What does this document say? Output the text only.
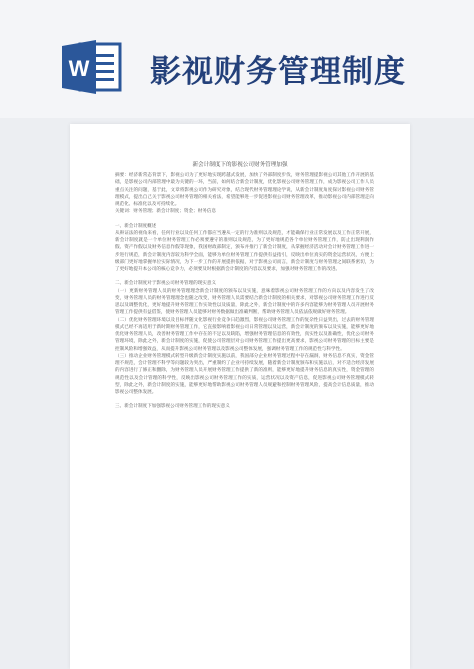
W 影视财务管理制度
新会计制度下的影视公司财务管理加强

摘要：经济新常态背景下，影视公司为了更好地实现跨越式发展，加快了外部制度步伐，财务管理提影视公司其他工作开展的基础，是影视公司内部管理中最为关键的一环，当前，如何结合新会计制度，优化影视公司财务管理工作，成为影视公司工作人员重点关注的问题，基于此，文章将影视公司作为研究对象，结合现代财务管理理论学说，从新会计制度角度探讨影视公司财务管理模式，提出自己关于影视公司财务管理的相关看法，希望能够进一步促进影视公司财务管理改革，推动影视公司内部管理走向规范化、标准化以及可持续化。

关键词：财务管理；新会计制度；资金；财务信息

一、新会计制度概述

从辩证法的视角来看，任何行业以及任何工作都应当遵从一定的行为准则以及规范，才能确保行业正常发展以及工作正常开展，新会计制度就是一个单位财务管理工作必须要遵守的准则以及规范，为了更好地规范各个单位财务管理工作，防止出现利润作假、资产作假以及财务信息作假等现象，我国财政部制定，颁布并推行了新会计制度，从掌握经济活动对会计财务管理工作进一步进行规范，新会计制度内容较为科学全面，能够为单位财务管理工作提供有益指引，反映出单位真实的资金运营状况，方便上级部门更好地掌握单位实际情况，为下一步工作的开展提供依据，对于影视公司而言，新会计制度与财务管理之间联系密切，为了更好地提升本公司的核心竞争力，必须要及时根据新会计制度的内容以及要求，加强对财务管理工作的改进。

二、新会计制度对于影视公司财务管理的现实意义

（一）更新财务管理人员的财务管理理念新会计制度的颁布以及实施，意味着影视公司财务管理工作的方向以及内容发生了改变，财务管理人员的财务管理理念也随之改变，财务管理人员需要结合新会计制度的相关要求，对影视公司财务管理工作进行反思以及调整优化，更好地提升财务管理工作实效性以及质量，除此之外，新会计制度中的许多内容能够为财务管理人员开展财务管理工作提供有益借鉴，使财务管理人员能够对财务数据做出准确判断，帮助财务管理人员依法依规做好财务管理。

（二）优化财务管理环境以及目标伴随文化影视行业竞争日趋激烈，影视公司财务管理工作的复杂性日益突出，过去的财务管理模式已经不再适用于新时期财务管理工作，它直接影响着影视公司日常管理以及运营，新会计制度的颁布以及实施，能够更好地优化财务管理人员，改善财务管理工作中存在的不足以及缺陷，增强财务管理信息的有效性，真实性以及准确性，优化公司财务管理环境，除此之外，新会计制度的实施，促使公司管理层对公司财务管理工作提出更高要求，影视公司财务管理的目标主要是控制风险和增强效益，从而提升影视公司财务管理以及影视公司整体发展，强调财务管理工作的规范性与科学性。

（三）推动企业财务管理模式转型升级新会计制度实施以前，我国部分企业财务管理过程中存在漏洞，财务信息不真实，资金管理不规范，会计管理不科学等问题较为突出，严重制约了企业可持续发展，随着新会计制度颁布和实施以后，对不适合经济发展的内容进行了修正和删除，为财务管理人员开展财务管理工作提供了新的准则，能够更好地提升财务信息的真实性，资金管理的规范性以及会计管理的科学性，反映出影视公司财务管理工作的实质，运营状况以及资产信息，促进影视公司财务管理模式转型，除此之外，新会计制度的实施，能够更好地帮助影视公司财务管理人员规避和控制财务管理风险，提高会计信息质量，推动影视公司整体发展。

三、新会计制度下加强影视公司财务管理工作的现实意义
